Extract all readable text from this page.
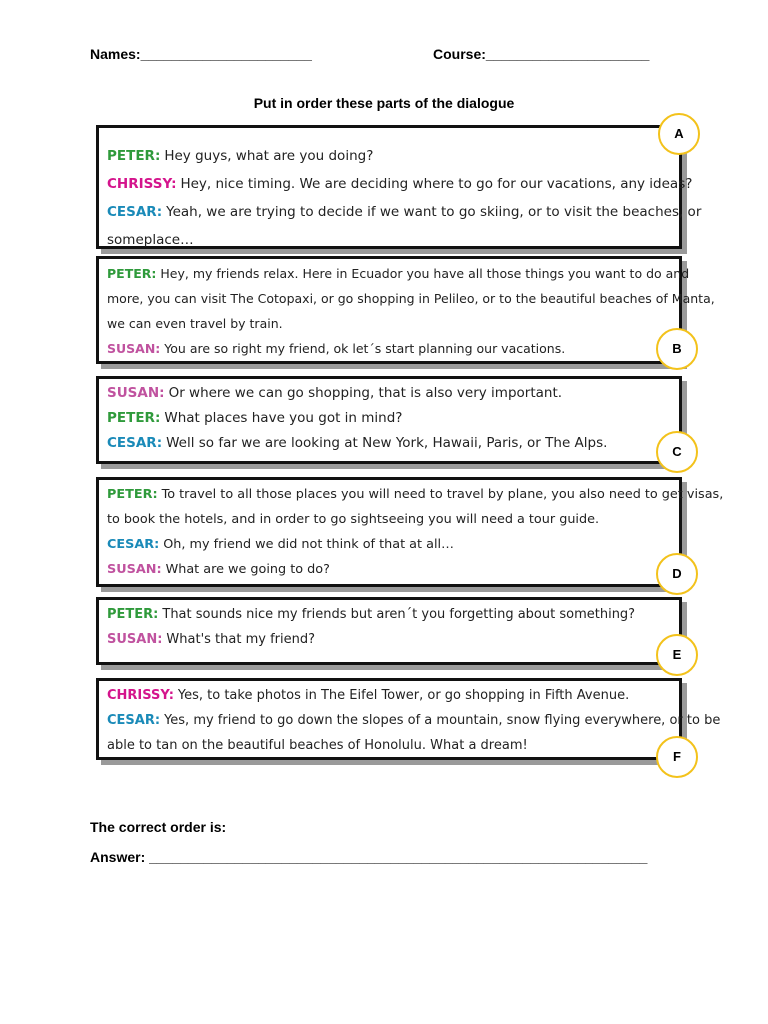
Names:______________________	Course:_____________________
Put in order these parts of the dialogue
PETER: Hey guys, what are you doing?
CHRISSY: Hey, nice timing. We are deciding where to go for our vacations, any ideas?
CESAR: Yeah, we are trying to decide if we want to go skiing, or to visit the beaches, or
someplace…
A
PETER: Hey, my friends relax. Here in Ecuador you have all those things you want to do and
more, you can visit The Cotopaxi, or go shopping in Pelileo, or to the beautiful beaches of Manta,
we can even travel by train.
SUSAN: You are so right my friend, ok let´s start planning our vacations.	B
SUSAN: Or where we can go shopping, that is also very important.
PETER: What places have you got in mind?
CESAR: Well so far we are looking at New York, Hawaii, Paris, or The Alps.
C
PETER: To travel to all those places you will need to travel by plane, you also need to get visas,
to book the hotels, and in order to go sightseeing you will need a tour guide.
CESAR: Oh, my friend we did not think of that at all…
SUSAN: What are we going to do?	D
PETER: That sounds nice my friends but aren´t you forgetting about something?
SUSAN: What's that my friend?
E
CHRISSY: Yes, to take photos in The Eifel Tower, or go shopping in Fifth Avenue.
CESAR: Yes, my friend to go down the slopes of a mountain, snow flying everywhere, or to be
able to tan on the beautiful beaches of Honolulu. What a dream!
F
The correct order is:
Answer: ________________________________________________________________
